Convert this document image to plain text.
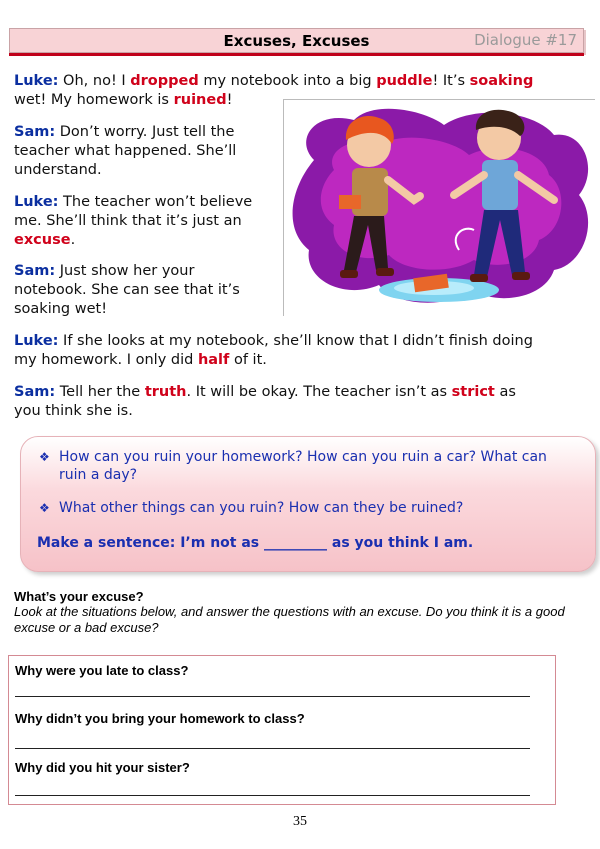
Excuses, Excuses	Dialogue #17

Luke: Oh, no! I dropped my notebook into a big puddle! It’s soaking
wet! My homework is ruined!

Sam: Don’t worry. Just tell the
teacher what happened. She’ll
understand.

Luke: The teacher won’t believe
me. She’ll think that it’s just an
excuse.

Sam: Just show her your
notebook. She can see that it’s
soaking wet!

Luke: If she looks at my notebook, she’ll know that I didn’t finish doing
my homework. I only did half of it.

Sam: Tell her the truth. It will be okay. The teacher isn’t as strict as
you think she is.

❖ How can you ruin your homework? How can you ruin a car? What can
ruin a day?
❖ What other things can you ruin? How can they be ruined?
Make a sentence: I’m not as _________ as you think I am.
What’s your excuse?
Look at the situations below, and answer the questions with an excuse. Do you think it is a good excuse or a bad excuse?
Why were you late to class?
Why didn’t you bring your homework to class?
Why did you hit your sister?
35
